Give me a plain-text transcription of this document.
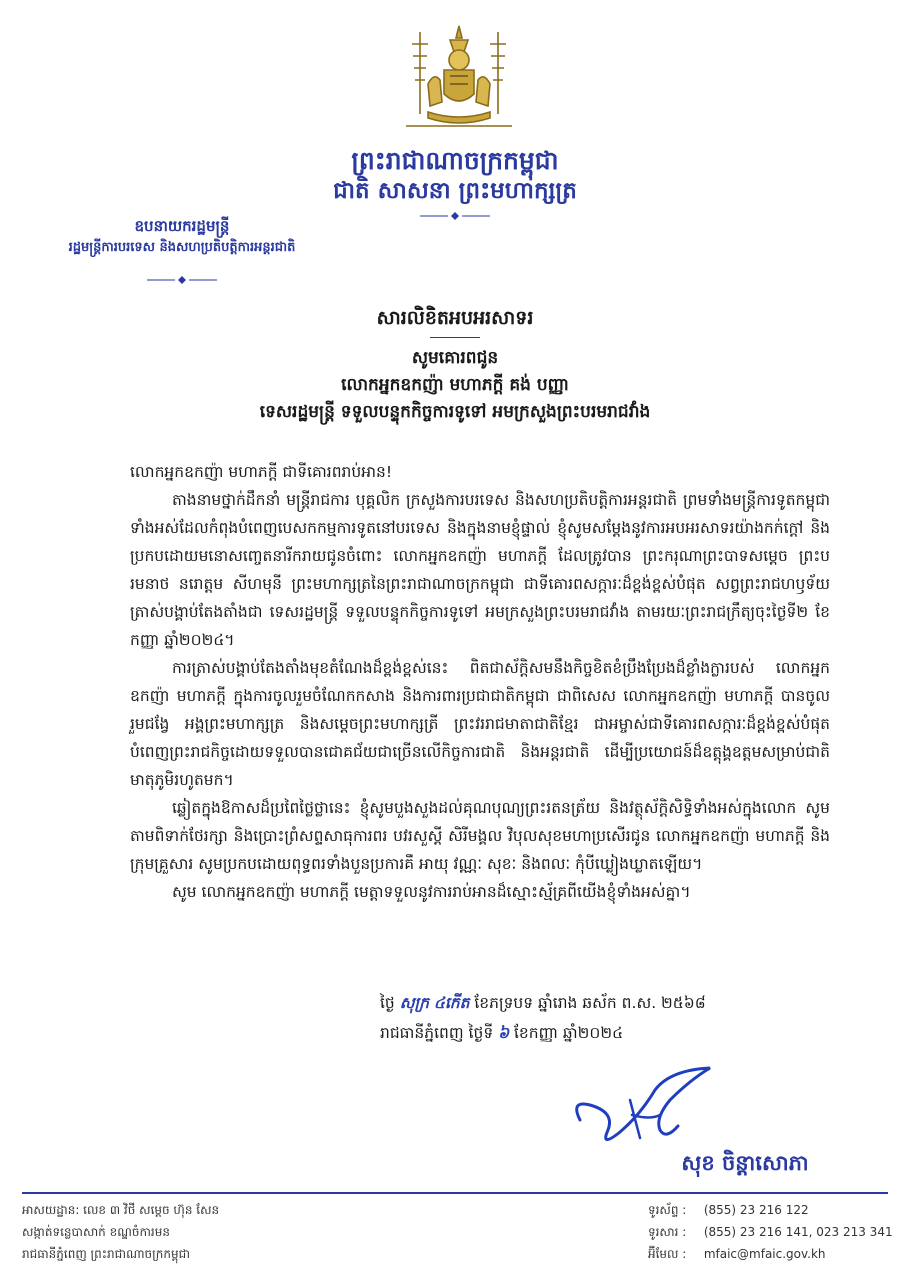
ព្រះរាជាណាចក្រកម្ពុជា
ជាតិ សាសនា ព្រះមហាក្សត្រ
ឧបនាយករដ្ឋមន្ត្រី
រដ្ឋមន្ត្រីការបរទេស និងសហប្រតិបត្តិការអន្តរជាតិ
សារលិខិតអបអរសាទរ
សូមគោរពជូន
លោកអ្នកឧកញ៉ា មហាភក្តី គង់ បញ្ញា
ទេសរដ្ឋមន្ត្រី ទទួលបន្ទុកកិច្ចការទូទៅ អមក្រសួងព្រះបរមរាជវាំង

លោកអ្នកឧកញ៉ា មហាភក្តី ជាទីគោរពរាប់អាន!

តាងនាមថ្នាក់ដឹកនាំ មន្ត្រីរាជការ បុគ្គលិក ក្រសួងការបរទេស និងសហប្រតិបត្តិការអន្តរជាតិ ព្រមទាំងមន្ត្រីការទូតកម្ពុជាទាំងអស់ដែលកំពុងបំពេញបេសកកម្មការទូតនៅបរទេស និងក្នុងនាមខ្ញុំផ្ទាល់ ខ្ញុំសូមសម្តែងនូវការអបអរសាទរយ៉ាងកក់ក្តៅ និងប្រកបដោយមនោសញ្ចេតនារីករាយជូនចំពោះ លោកអ្នកឧកញ៉ា មហាភក្តី ដែលត្រូវបាន ព្រះករុណាព្រះបាទសម្តេច ព្រះបរមនាថ នរោត្តម សីហមុនី ព្រះមហាក្សត្រនៃព្រះរាជាណាចក្រកម្ពុជា ជាទីគោរពសក្ការៈដ៏ខ្ពង់ខ្ពស់បំផុត សព្វព្រះរាជហឫទ័យត្រាស់បង្គាប់តែងតាំងជា ទេសរដ្ឋមន្ត្រី ទទួលបន្ទុកកិច្ចការទូទៅ អមក្រសួងព្រះបរមរាជវាំង តាមរយៈព្រះរាជក្រឹត្យចុះថ្ងៃទី២ ខែកញ្ញា ឆ្នាំ២០២៤។

ការត្រាស់បង្គាប់តែងតាំងមុខតំណែងដ៏ខ្ពង់ខ្ពស់នេះ ពិតជាស័ក្តិសមនឹងកិច្ចខិតខំប្រឹងប្រែងដ៏ខ្លាំងក្លារបស់ លោកអ្នកឧកញ៉ា មហាភក្តី ក្នុងការចូលរួមចំណែកកសាង និងការពារប្រជាជាតិកម្ពុជា ជាពិសេស លោកអ្នកឧកញ៉ា មហាភក្តី បានចូលរួមជង្វែ អង្គព្រះមហាក្សត្រ និងសម្តេចព្រះមហាក្សត្រី ព្រះវររាជមាតាជាតិខ្មែរ ជាអម្ចាស់ជាទីគោរពសក្ការៈដ៏ខ្ពង់ខ្ពស់បំផុត បំពេញព្រះរាជកិច្ចដោយទទួលបានជោគជ័យជាច្រើនលើកិច្ចការជាតិ និងអន្តរជាតិ ដើម្បីប្រយោជន៍ដ៏ឧត្តុង្គឧត្តមសម្រាប់ជាតិមាតុភូមិរហូតមក។

ឆ្លៀតក្នុងឱកាសដ៏ប្រពៃថ្លៃថ្លានេះ ខ្ញុំសូមបួងសួងដល់គុណបុណ្យព្រះរតនត្រ័យ និងវត្ថុស័ក្តិសិទ្ធិទាំងអស់ក្នុងលោក សូមតាមពិទាក់ថែរក្សា និងប្រោះព្រំសព្ទសាធុការពរ បវរសួស្តី សិរីមង្គល វិបុលសុខមហាប្រសើរជូន លោកអ្នកឧកញ៉ា មហាភក្តី និងក្រុមគ្រួសារ សូមប្រកបដោយពុទ្ធពរទាំងបួនប្រការគឺ អាយុ វណ្ណៈ សុខៈ និងពលៈ កុំបីឃ្លៀងឃ្លាតឡើយ។

សូម លោកអ្នកឧកញ៉ា មហាភក្តី មេត្តាទទួលនូវការរាប់អានដ៏ស្មោះស្ម័គ្រពីយើងខ្ញុំទាំងអស់គ្នា។

ថ្ងៃ សុក្រ ៤កើត ខែភទ្របទ ឆ្នាំរោង ឆស័ក ព.ស. ២៥៦៨
រាជធានីភ្នំពេញ ថ្ងៃទី ៦ ខែកញ្ញា ឆ្នាំ២០២៤
សុខ ចិន្តាសោភា
អាសយដ្ឋាន: លេខ ៣ វិថី សម្តេច ហ៊ុន សែន
សង្កាត់ទន្លេបាសាក់ ខណ្ឌចំការមន
រាជធានីភ្នំពេញ ព្រះរាជាណាចក្រកម្ពុជា
ទូរស័ព្ទ : (855) 23 216 122
ទូរសារ : (855) 23 216 141, 023 213 341
អ៊ីមែល : mfaic@mfaic.gov.kh
